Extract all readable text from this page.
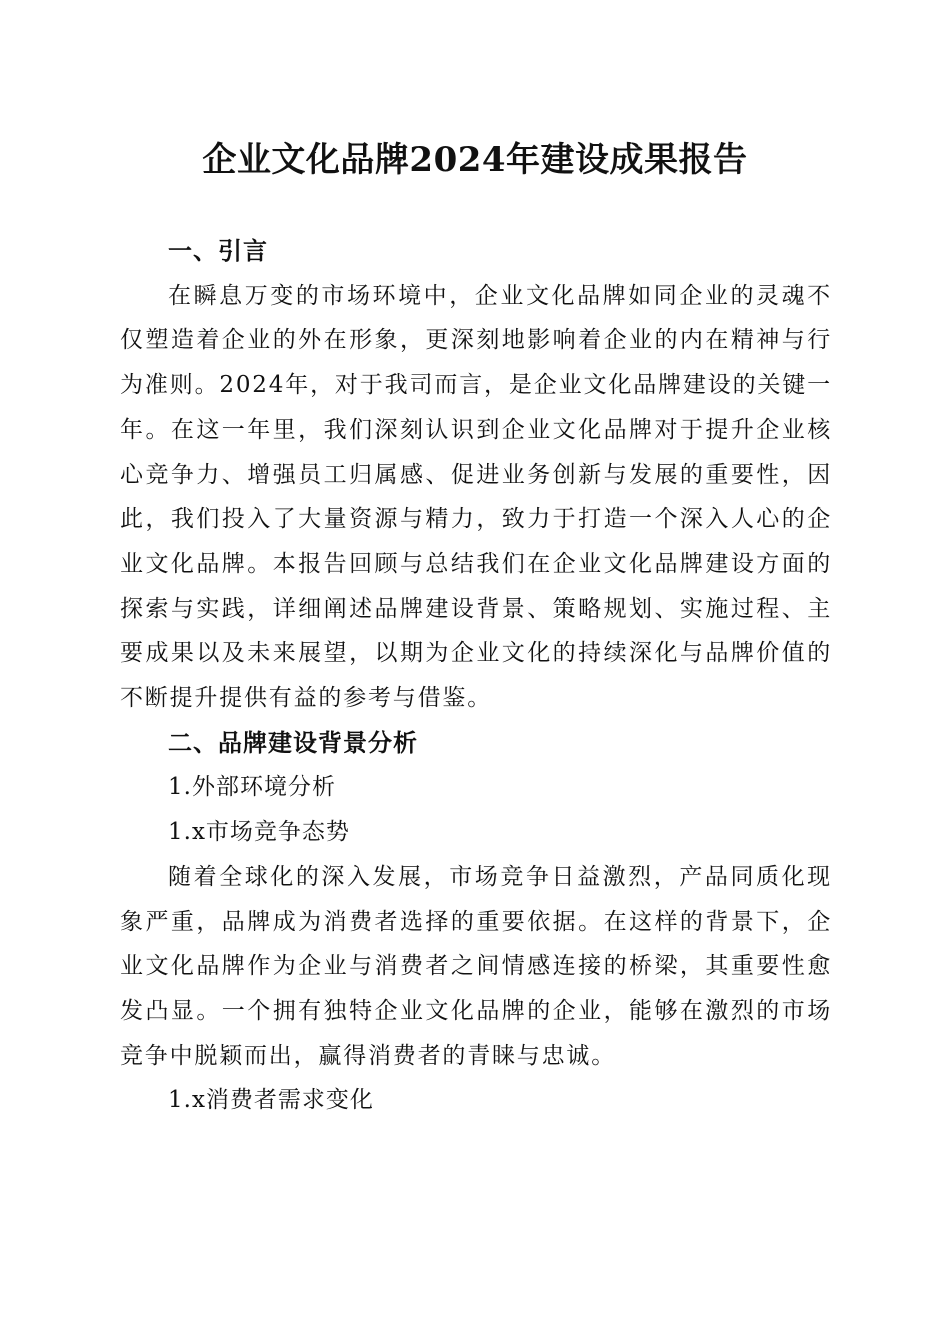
企业文化品牌2024年建设成果报告

一、引言

在瞬息万变的市场环境中，企业文化品牌如同企业的灵魂不仅塑造着企业的外在形象，更深刻地影响着企业的内在精神与行为准则。2024年，对于我司而言，是企业文化品牌建设的关键一年。在这一年里，我们深刻认识到企业文化品牌对于提升企业核心竞争力、增强员工归属感、促进业务创新与发展的重要性，因此，我们投入了大量资源与精力，致力于打造一个深入人心的企业文化品牌。本报告回顾与总结我们在企业文化品牌建设方面的探索与实践，详细阐述品牌建设背景、策略规划、实施过程、主要成果以及未来展望，以期为企业文化的持续深化与品牌价值的不断提升提供有益的参考与借鉴。

二、品牌建设背景分析

1.外部环境分析

1.x市场竞争态势

随着全球化的深入发展，市场竞争日益激烈，产品同质化现象严重，品牌成为消费者选择的重要依据。在这样的背景下，企业文化品牌作为企业与消费者之间情感连接的桥梁，其重要性愈发凸显。一个拥有独特企业文化品牌的企业，能够在激烈的市场竞争中脱颖而出，赢得消费者的青睐与忠诚。

1.x消费者需求变化
